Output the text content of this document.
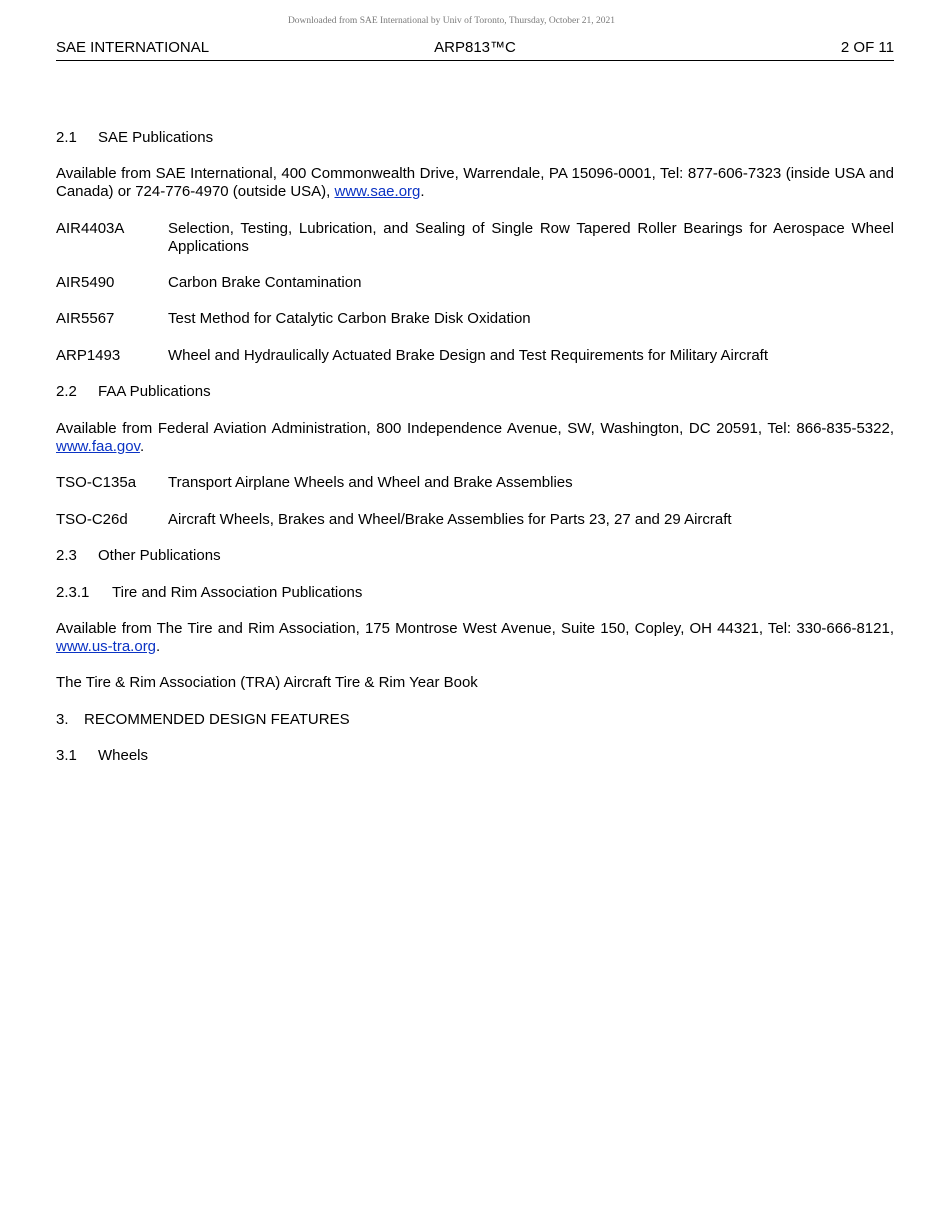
Downloaded from SAE International by Univ of Toronto, Thursday, October 21, 2021
SAE INTERNATIONAL	ARP813™C	2 OF 11
2.1 SAE Publications
Available from SAE International, 400 Commonwealth Drive, Warrendale, PA 15096-0001, Tel: 877-606-7323 (inside USA and Canada) or 724-776-4970 (outside USA), www.sae.org.
AIR4403A	Selection, Testing, Lubrication, and Sealing of Single Row Tapered Roller Bearings for Aerospace Wheel Applications
AIR5490	Carbon Brake Contamination
AIR5567	Test Method for Catalytic Carbon Brake Disk Oxidation
ARP1493	Wheel and Hydraulically Actuated Brake Design and Test Requirements for Military Aircraft
2.2 FAA Publications
Available from Federal Aviation Administration, 800 Independence Avenue, SW, Washington, DC 20591, Tel: 866-835-5322, www.faa.gov.
TSO-C135a	Transport Airplane Wheels and Wheel and Brake Assemblies
TSO-C26d	Aircraft Wheels, Brakes and Wheel/Brake Assemblies for Parts 23, 27 and 29 Aircraft
2.3 Other Publications
2.3.1 Tire and Rim Association Publications
Available from The Tire and Rim Association, 175 Montrose West Avenue, Suite 150, Copley, OH 44321, Tel: 330-666-8121, www.us-tra.org.
The Tire & Rim Association (TRA) Aircraft Tire & Rim Year Book
3. RECOMMENDED DESIGN FEATURES
3.1 Wheels
